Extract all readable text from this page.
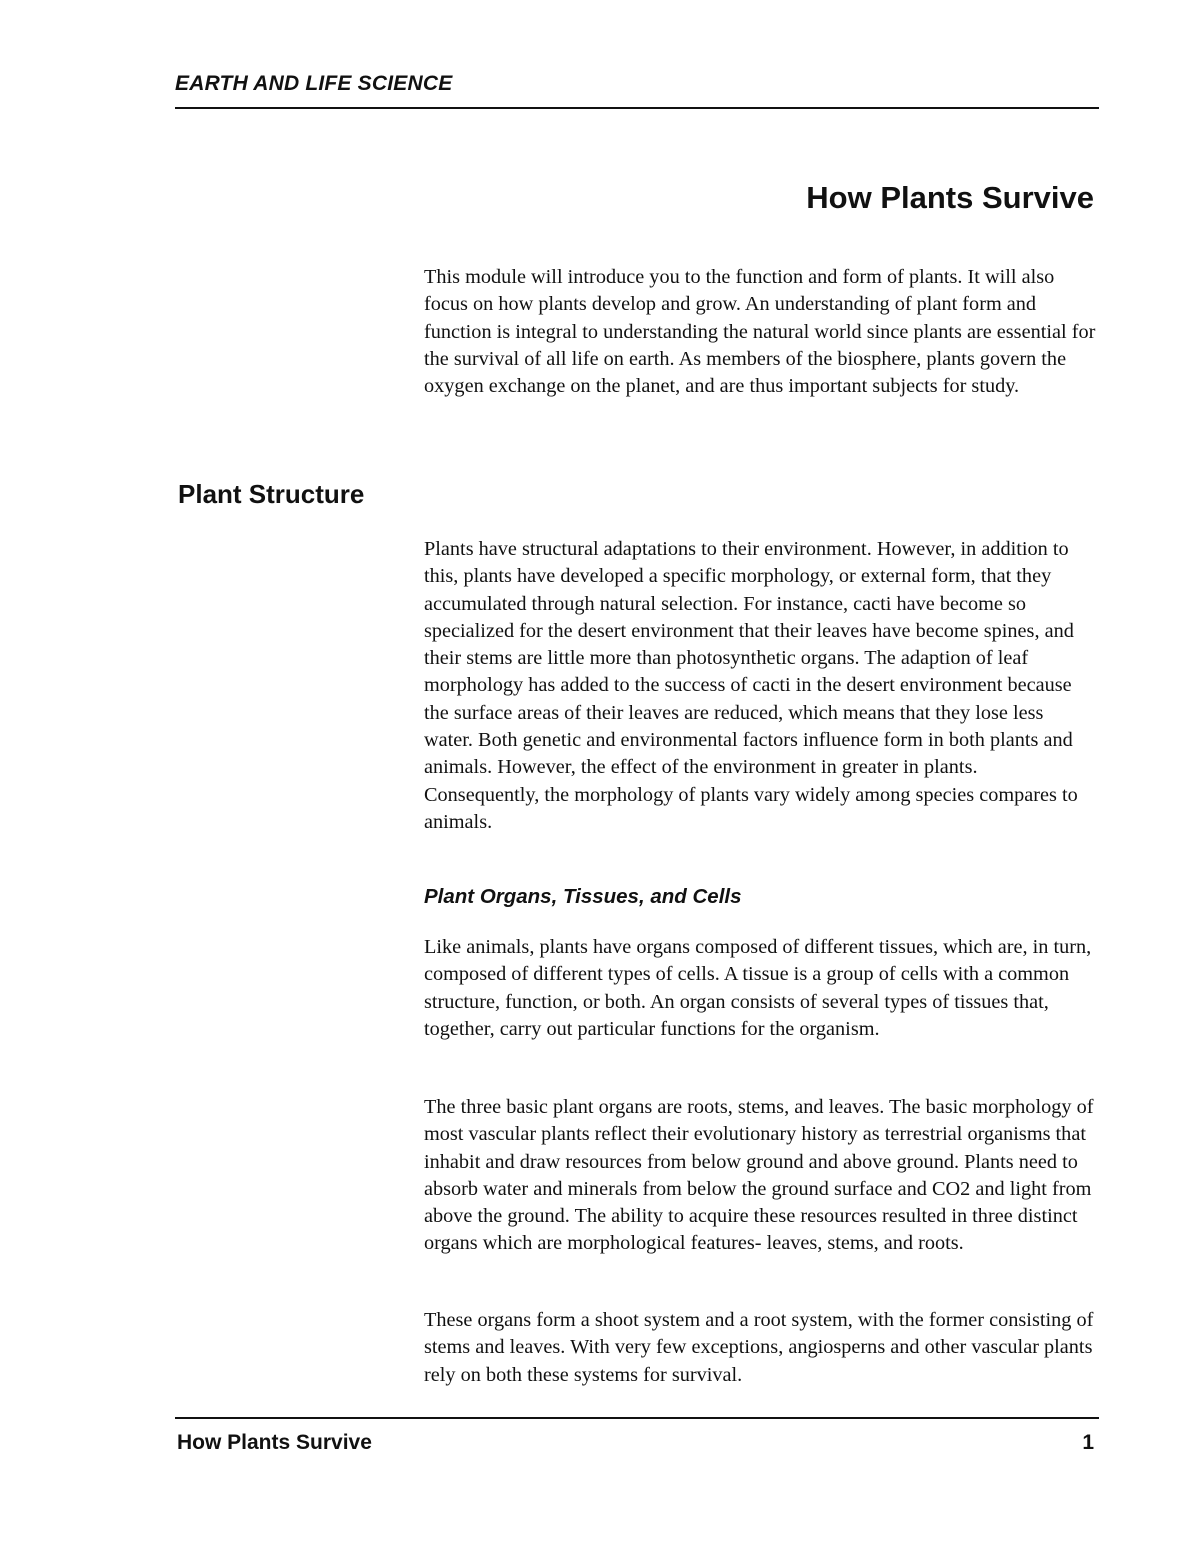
EARTH AND LIFE SCIENCE

How Plants Survive

This module will introduce you to the function and form of plants. It will also focus on how plants develop and grow. An understanding of plant form and function is integral to understanding the natural world since plants are essential for the survival of all life on earth. As members of the biosphere, plants govern the oxygen exchange on the planet, and are thus important subjects for study.

Plant Structure

Plants have structural adaptations to their environment. However, in addition to this, plants have developed a specific morphology, or external form, that they accumulated through natural selection. For instance, cacti have become so specialized for the desert environment that their leaves have become spines, and their stems are little more than photosynthetic organs. The adaption of leaf morphology has added to the success of cacti in the desert environment because the surface areas of their leaves are reduced, which means that they lose less water. Both genetic and environmental factors influence form in both plants and animals. However, the effect of the environment in greater in plants. Consequently, the morphology of plants vary widely among species compares to animals.

Plant Organs, Tissues, and Cells

Like animals, plants have organs composed of different tissues, which are, in turn, composed of different types of cells. A tissue is a group of cells with a common structure, function, or both. An organ consists of several types of tissues that, together, carry out particular functions for the organism.

The three basic plant organs are roots, stems, and leaves. The basic morphology of most vascular plants reflect their evolutionary history as terrestrial organisms that inhabit and draw resources from below ground and above ground. Plants need to absorb water and minerals from below the ground surface and CO2 and light from above the ground. The ability to acquire these resources resulted in three distinct organs which are morphological features- leaves, stems, and roots.

These organs form a shoot system and a root system, with the former consisting of stems and leaves. With very few exceptions, angiosperns and other vascular plants rely on both these systems for survival.

How Plants Survive	1
